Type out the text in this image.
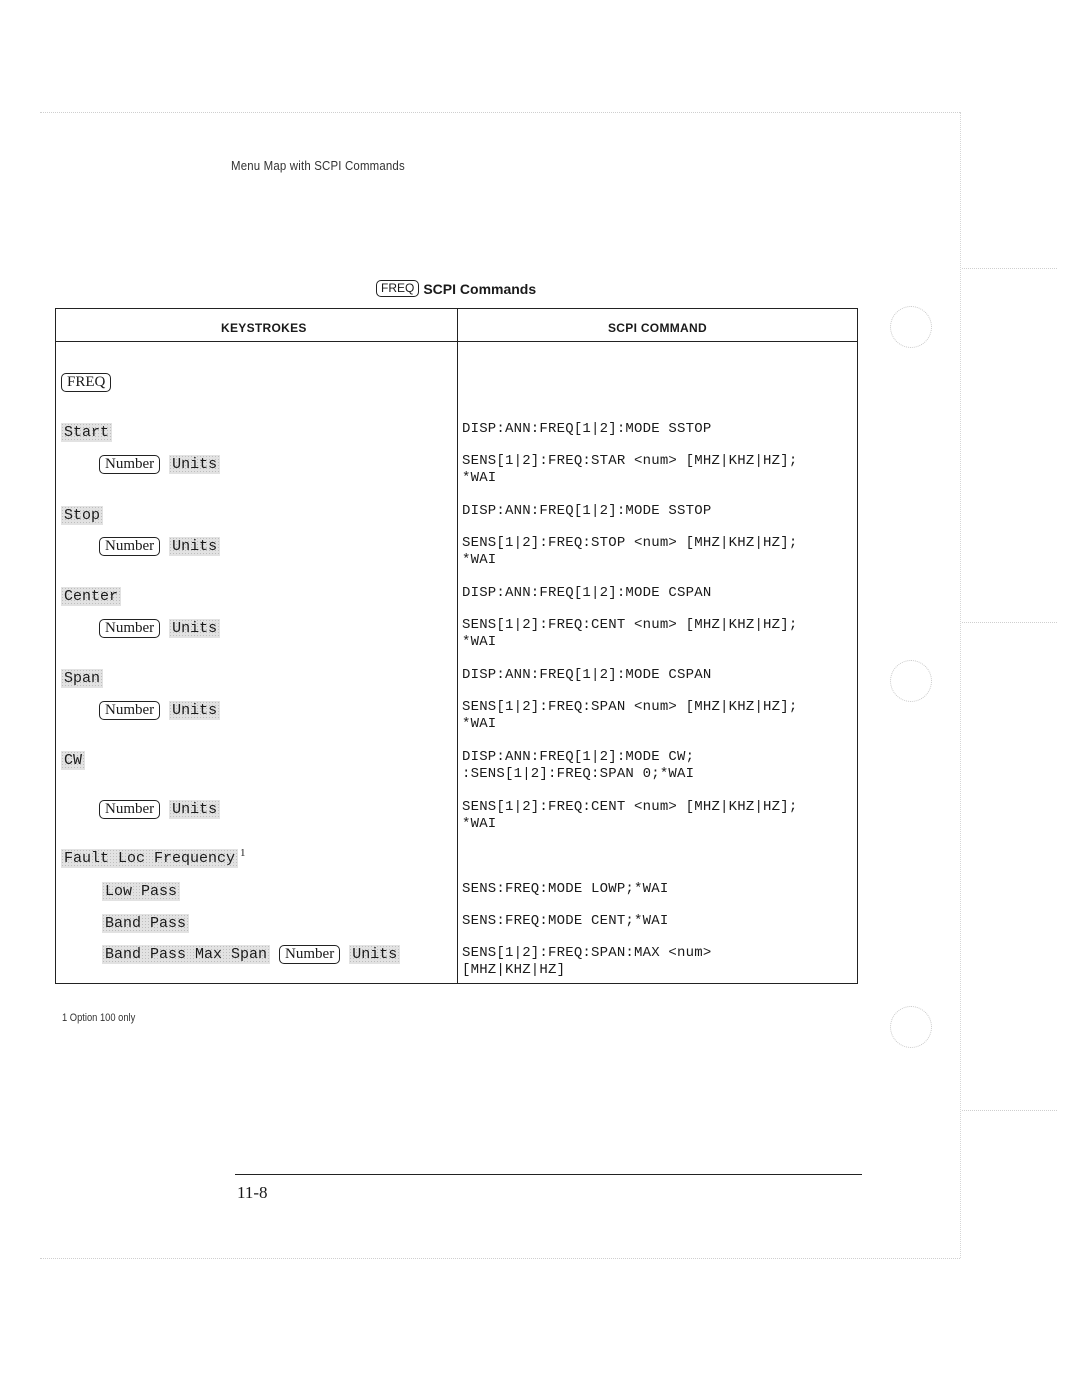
Menu Map with SCPI Commands
FREQ SCPI Commands
KEYSTROKES	SCPI COMMAND
FREQ
Start
Number Units
Stop
Number Units
Center
Number Units
Span
Number Units
CW
Number Units
Fault Loc Frequency $^1$
Low Pass
Band Pass
Band Pass Max Span Number Units
DISP:ANN:FREQ[1|2]:MODE SSTOP
SENS[1|2]:FREQ:STAR <num> [MHZ|KHZ|HZ];
*WAI
DISP:ANN:FREQ[1|2]:MODE SSTOP
SENS[1|2]:FREQ:STOP <num> [MHZ|KHZ|HZ];
*WAI
DISP:ANN:FREQ[1|2]:MODE CSPAN
SENS[1|2]:FREQ:CENT <num> [MHZ|KHZ|HZ];
*WAI
DISP:ANN:FREQ[1|2]:MODE CSPAN
SENS[1|2]:FREQ:SPAN <num> [MHZ|KHZ|HZ];
*WAI
DISP:ANN:FREQ[1|2]:MODE CW;
:SENS[1|2]:FREQ:SPAN 0;*WAI
SENS[1|2]:FREQ:CENT <num> [MHZ|KHZ|HZ];
*WAI
SENS:FREQ:MODE LOWP;*WAI
SENS:FREQ:MODE CENT;*WAI
SENS[1|2]:FREQ:SPAN:MAX <num>
[MHZ|KHZ|HZ]
1 Option 100 only
11-8
